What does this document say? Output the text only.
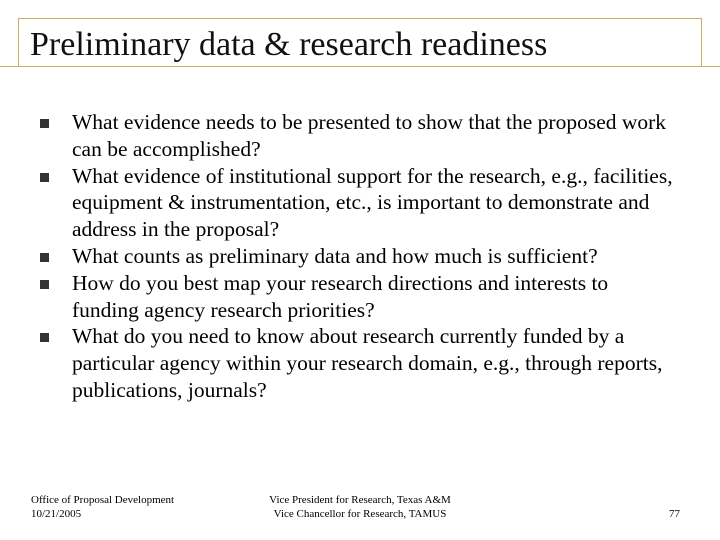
Preliminary data & research readiness
What evidence needs to be presented to show that the proposed work can be accomplished?
What evidence of institutional support for the research, e.g., facilities, equipment & instrumentation, etc., is important to demonstrate and address in the proposal?
What counts as preliminary data and how much is sufficient?
How do you best map your research directions and interests to funding agency research priorities?
What do you need to know about research currently funded by a particular agency within your research domain, e.g., through reports, publications, journals?
Office of Proposal Development
10/21/2005
Vice President for Research, Texas A&M
Vice Chancellor for Research, TAMUS	77
